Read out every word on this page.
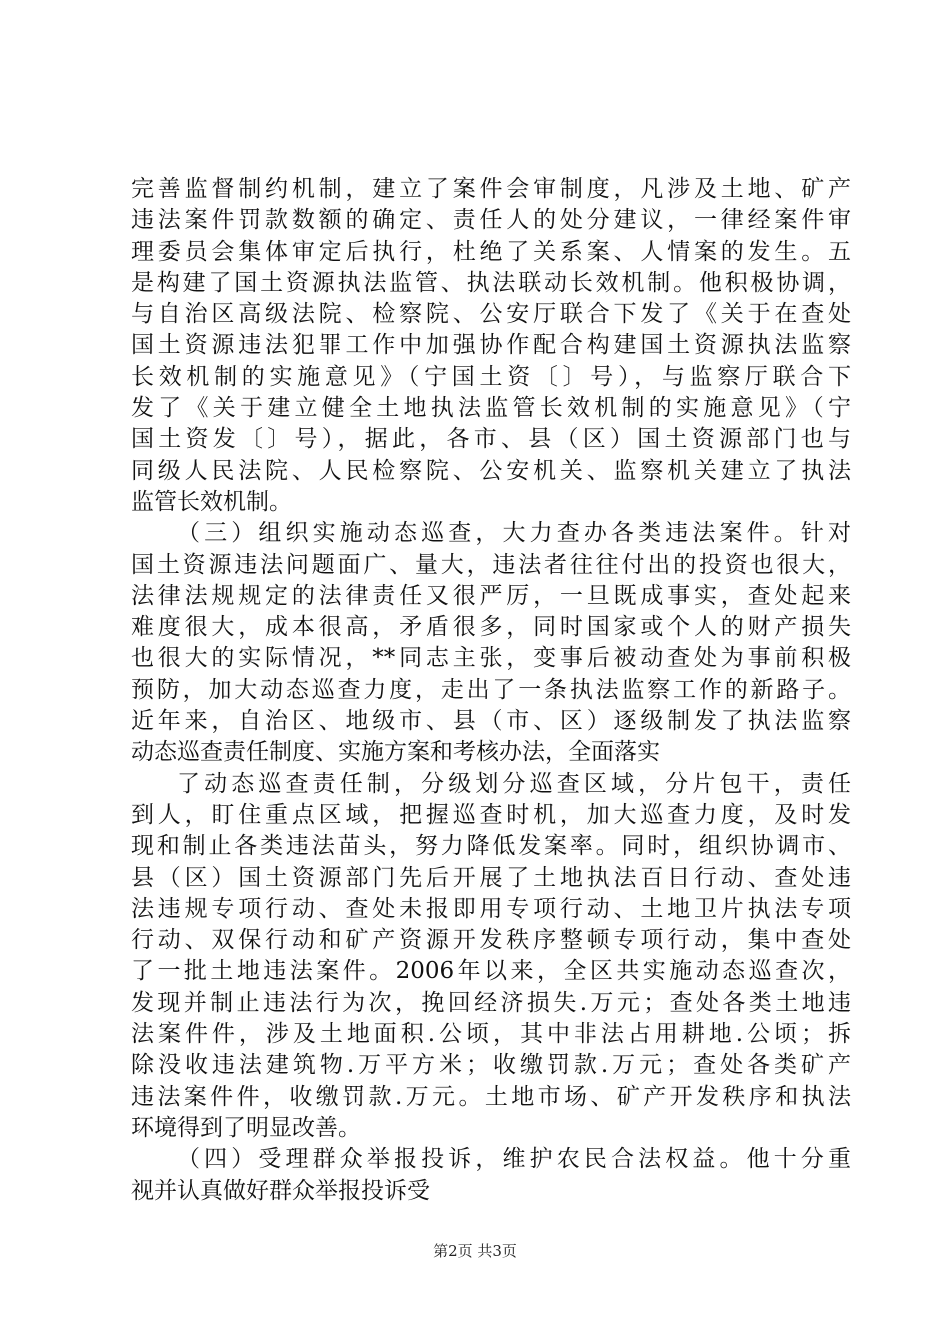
完善监督制约机制，建立了案件会审制度，凡涉及土地、矿产
违法案件罚款数额的确定、责任人的处分建议，一律经案件审
理委员会集体审定后执行，杜绝了关系案、人情案的发生。五
是构建了国土资源执法监管、执法联动长效机制。他积极协调，
与自治区高级法院、检察院、公安厅联合下发了《关于在查处
国土资源违法犯罪工作中加强协作配合构建国土资源执法监察
长效机制的实施意见》（宁国土资〔〕号），与监察厅联合下
发了《关于建立健全土地执法监管长效机制的实施意见》（宁
国土资发〔〕号），据此，各市、县（区）国土资源部门也与
同级人民法院、人民检察院、公安机关、监察机关建立了执法
监管长效机制。
（三）组织实施动态巡查，大力查办各类违法案件。针对
国土资源违法问题面广、量大，违法者往往付出的投资也很大，
法律法规规定的法律责任又很严厉，一旦既成事实，查处起来
难度很大，成本很高，矛盾很多，同时国家或个人的财产损失
也很大的实际情况，**同志主张，变事后被动查处为事前积极
预防，加大动态巡查力度，走出了一条执法监察工作的新路子。
近年来，自治区、地级市、县（市、区）逐级制发了执法监察
动态巡查责任制度、实施方案和考核办法，全面落实
了动态巡查责任制，分级划分巡查区域，分片包干，责任
到人，盯住重点区域，把握巡查时机，加大巡查力度，及时发
现和制止各类违法苗头，努力降低发案率。同时，组织协调市、
县（区）国土资源部门先后开展了土地执法百日行动、查处违
法违规专项行动、查处未报即用专项行动、土地卫片执法专项
行动、双保行动和矿产资源开发秩序整顿专项行动，集中查处
了一批土地违法案件。2006年以来，全区共实施动态巡查次，
发现并制止违法行为次，挽回经济损失.万元；查处各类土地违
法案件件，涉及土地面积.公顷，其中非法占用耕地.公顷；拆
除没收违法建筑物.万平方米；收缴罚款.万元；查处各类矿产
违法案件件，收缴罚款.万元。土地市场、矿产开发秩序和执法
环境得到了明显改善。
（四）受理群众举报投诉，维护农民合法权益。他十分重
视并认真做好群众举报投诉受
第2页 共3页
